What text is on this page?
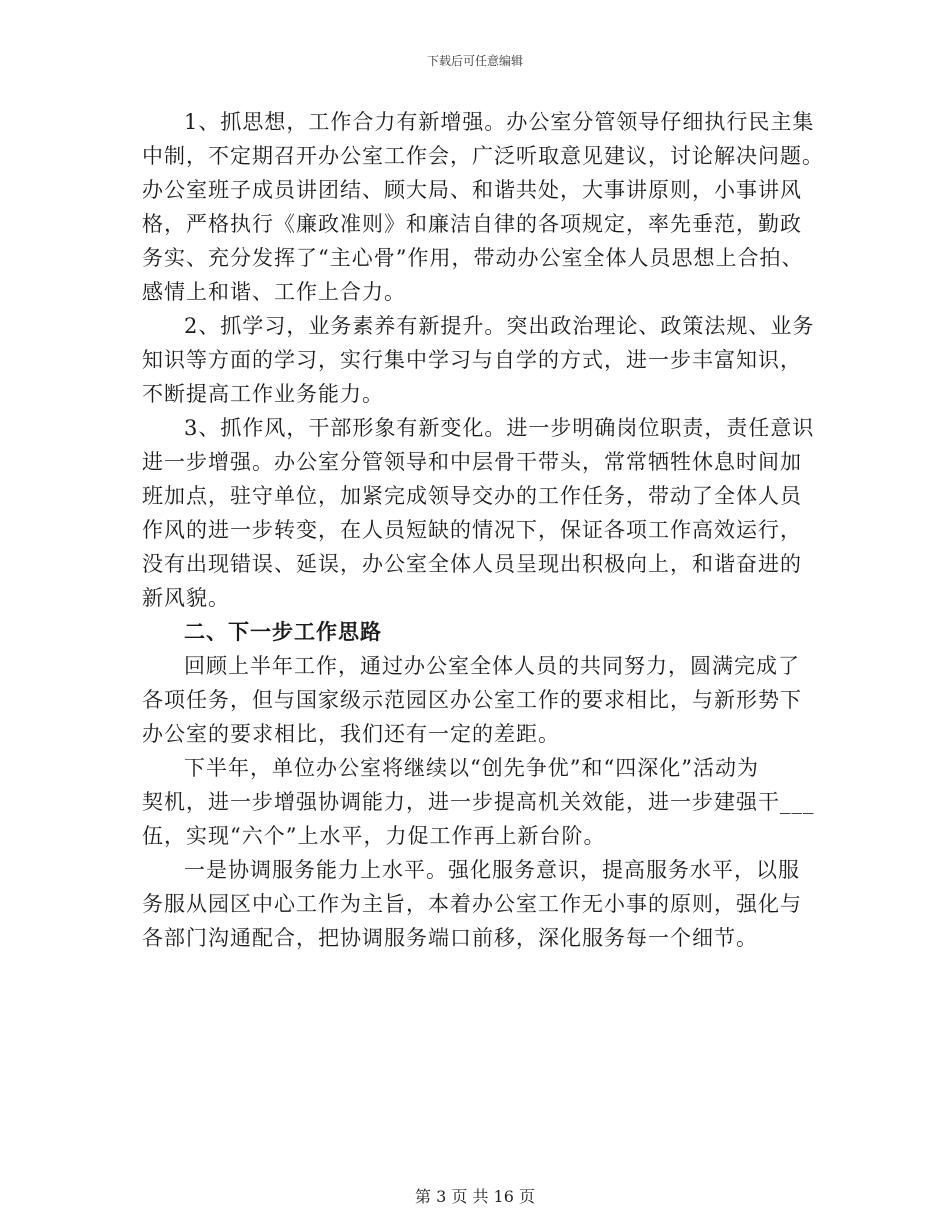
下载后可任意编辑

1、抓思想，工作合力有新增强。办公室分管领导仔细执行民主集
中制，不定期召开办公室工作会，广泛听取意见建议，讨论解决问题。
办公室班子成员讲团结、顾大局、和谐共处，大事讲原则，小事讲风
格，严格执行《廉政准则》和廉洁自律的各项规定，率先垂范，勤政
务实、充分发挥了“主心骨”作用，带动办公室全体人员思想上合拍、
感情上和谐、工作上合力。

2、抓学习，业务素养有新提升。突出政治理论、政策法规、业务
知识等方面的学习，实行集中学习与自学的方式，进一步丰富知识，
不断提高工作业务能力。

3、抓作风，干部形象有新变化。进一步明确岗位职责，责任意识
进一步增强。办公室分管领导和中层骨干带头，常常牺牲休息时间加
班加点，驻守单位，加紧完成领导交办的工作任务，带动了全体人员
作风的进一步转变，在人员短缺的情况下，保证各项工作高效运行，
没有出现错误、延误，办公室全体人员呈现出积极向上，和谐奋进的
新风貌。

二、下一步工作思路

回顾上半年工作，通过办公室全体人员的共同努力，圆满完成了
各项任务，但与国家级示范园区办公室工作的要求相比，与新形势下
办公室的要求相比，我们还有一定的差距。

下半年，单位办公室将继续以“创先争优”和“四深化”活动为
契机，进一步增强协调能力，进一步提高机关效能，进一步建强干___
伍，实现“六个”上水平，力促工作再上新台阶。

一是协调服务能力上水平。强化服务意识，提高服务水平，以服
务服从园区中心工作为主旨，本着办公室工作无小事的原则，强化与
各部门沟通配合，把协调服务端口前移，深化服务每一个细节。

第 3 页 共 16 页
